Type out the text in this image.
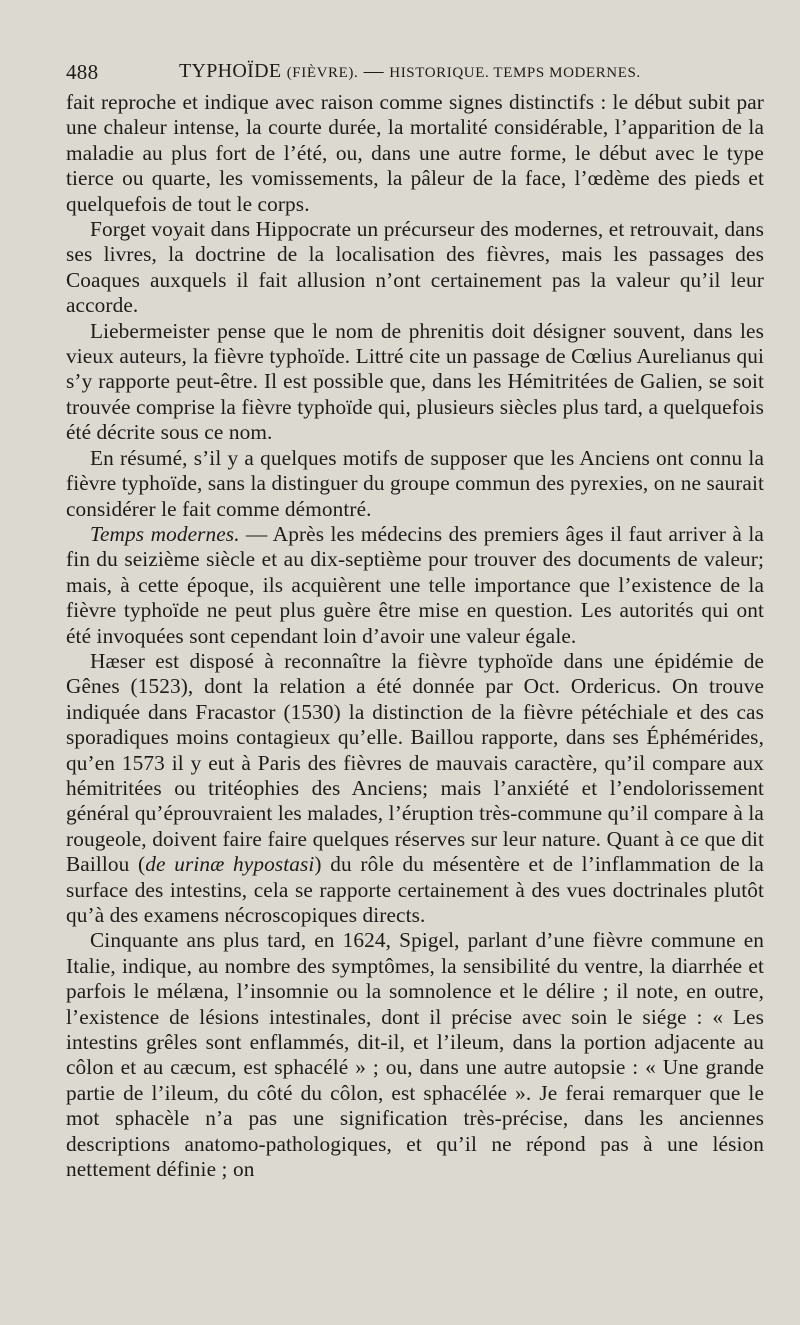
488	TYPHOÏDE (FIÈVRE). — HISTORIQUE. TEMPS MODERNES.

fait reproche et indique avec raison comme signes distinctifs : le début subit par une chaleur intense, la courte durée, la mortalité considérable, l’apparition de la maladie au plus fort de l’été, ou, dans une autre forme, le début avec le type tierce ou quarte, les vomissements, la pâleur de la face, l’œdème des pieds et quelquefois de tout le corps.

Forget voyait dans Hippocrate un précurseur des modernes, et retrouvait, dans ses livres, la doctrine de la localisation des fièvres, mais les passages des Coaques auxquels il fait allusion n’ont certainement pas la valeur qu’il leur accorde.

Liebermeister pense que le nom de phrenitis doit désigner souvent, dans les vieux auteurs, la fièvre typhoïde. Littré cite un passage de Cœlius Aurelianus qui s’y rapporte peut-être. Il est possible que, dans les Hémitritées de Galien, se soit trouvée comprise la fièvre typhoïde qui, plusieurs siècles plus tard, a quelquefois été décrite sous ce nom.

En résumé, s’il y a quelques motifs de supposer que les Anciens ont connu la fièvre typhoïde, sans la distinguer du groupe commun des pyrexies, on ne saurait considérer le fait comme démontré.

Temps modernes. — Après les médecins des premiers âges il faut arriver à la fin du seizième siècle et au dix-septième pour trouver des documents de valeur; mais, à cette époque, ils acquièrent une telle importance que l’existence de la fièvre typhoïde ne peut plus guère être mise en question. Les autorités qui ont été invoquées sont cependant loin d’avoir une valeur égale.

Hæser est disposé à reconnaître la fièvre typhoïde dans une épidémie de Gênes (1523), dont la relation a été donnée par Oct. Ordericus. On trouve indiquée dans Fracastor (1530) la distinction de la fièvre pétéchiale et des cas sporadiques moins contagieux qu’elle. Baillou rapporte, dans ses Éphémérides, qu’en 1573 il y eut à Paris des fièvres de mauvais caractère, qu’il compare aux hémitritées ou tritéophies des Anciens; mais l’anxiété et l’endolorissement général qu’éprouvraient les malades, l’éruption très-commune qu’il compare à la rougeole, doivent faire faire quelques réserves sur leur nature. Quant à ce que dit Baillou (de urinæ hypostasi) du rôle du mésentère et de l’inflammation de la surface des intestins, cela se rapporte certainement à des vues doctrinales plutôt qu’à des examens nécroscopiques directs.

Cinquante ans plus tard, en 1624, Spigel, parlant d’une fièvre commune en Italie, indique, au nombre des symptômes, la sensibilité du ventre, la diarrhée et parfois le mélæna, l’insomnie ou la somnolence et le délire ; il note, en outre, l’existence de lésions intestinales, dont il précise avec soin le siége : « Les intestins grêles sont enflammés, dit-il, et l’ileum, dans la portion adjacente au côlon et au cæcum, est sphacélé » ; ou, dans une autre autopsie : « Une grande partie de l’ileum, du côté du côlon, est sphacélée ». Je ferai remarquer que le mot sphacèle n’a pas une signification très-précise, dans les anciennes descriptions anatomo-pathologiques, et qu’il ne répond pas à une lésion nettement définie ; on
